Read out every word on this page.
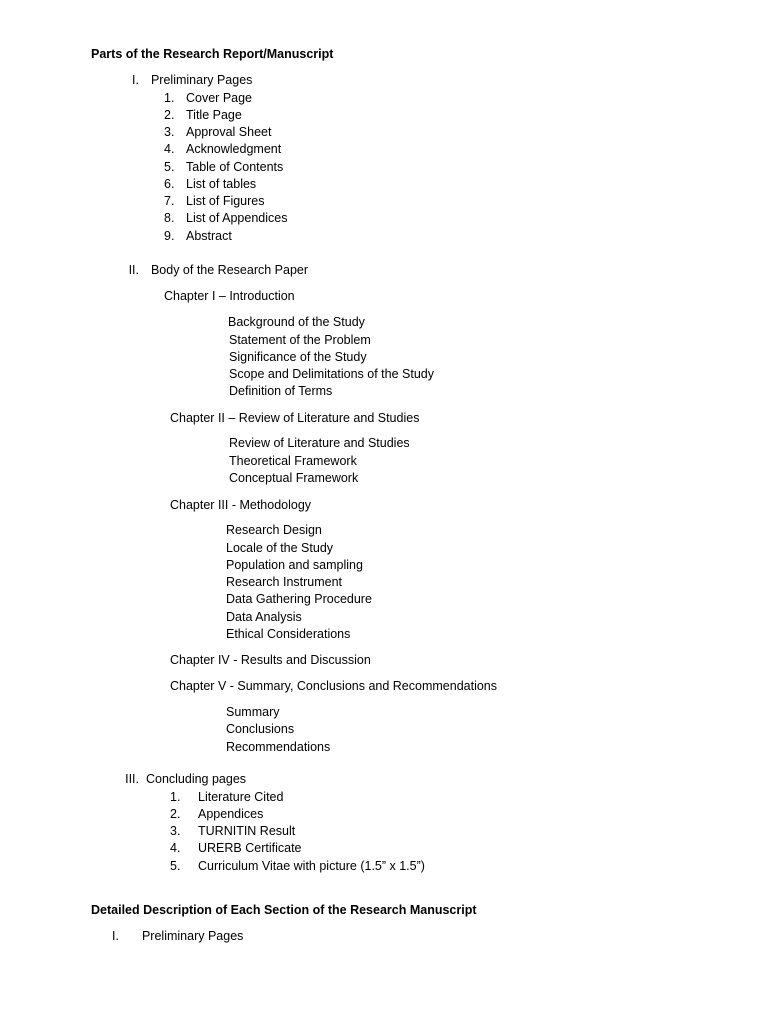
Parts of the Research Report/Manuscript
I. Preliminary Pages
1. Cover Page
2. Title Page
3. Approval Sheet
4. Acknowledgment
5. Table of Contents
6. List of tables
7. List of Figures
8. List of Appendices
9. Abstract
II. Body of the Research Paper
Chapter I – Introduction
Background of the Study
Statement of the Problem
Significance of the Study
Scope and Delimitations of the Study
Definition of Terms
Chapter II – Review of Literature and Studies
Review of Literature and Studies
Theoretical Framework
Conceptual Framework
Chapter III - Methodology
Research Design
Locale of the Study
Population and sampling
Research Instrument
Data Gathering Procedure
Data Analysis
Ethical Considerations
Chapter IV - Results and Discussion
Chapter V - Summary, Conclusions and Recommendations
Summary
Conclusions
Recommendations
III. Concluding pages
1. Literature Cited
2. Appendices
3. TURNITIN Result
4. URERB Certificate
5. Curriculum Vitae with picture (1.5” x 1.5”)
Detailed Description of Each Section of the Research Manuscript
I. Preliminary Pages
